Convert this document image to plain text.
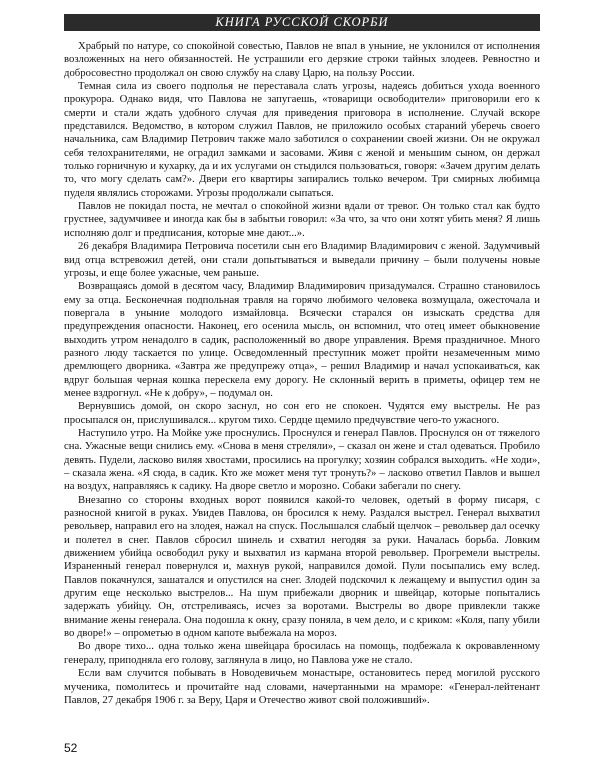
КНИГА РУССКОЙ СКОРБИ

Храбрый по натуре, со спокойной совестью, Павлов не впал в уныние, не уклонился от исполнения возложенных на него обязанностей. Не устрашили его дерзкие строки тайных злодеев. Ревностно и добросовестно продолжал он свою службу на славу Царю, на пользу России.

Темная сила из своего подполья не переставала слать угрозы, надеясь добиться ухода военного прокурора. Однако видя, что Павлова не запугаешь, «товарищи освободители» приговорили его к смерти и стали ждать удобного случая для приведения приговора в исполнение. Случай вскоре представился. Ведомство, в котором служил Павлов, не приложило особых стараний уберечь своего начальника, сам Владимир Петрович также мало заботился о сохранении своей жизни. Он не окружал себя телохранителями, не оградил замками и засовами. Живя с женой и меньшим сыном, он держал только горничную и кухарку, да и их услугами он стыдился пользоваться, говоря: «Зачем другим делать то, что могу сделать сам?». Двери его квартиры запирались только вечером. Три смирных любимца пуделя являлись сторожами. Угрозы продолжали сыпаться.

Павлов не покидал поста, не мечтал о спокойной жизни вдали от тревог. Он только стал как будто грустнее, задумчивее и иногда как бы в забытьи говорил: «За что, за что они хотят убить меня? Я лишь исполняю долг и предписания, которые мне дают...».

26 декабря Владимира Петровича посетили сын его Владимир Владимирович с женой. Задумчивый вид отца встревожил детей, они стали допытываться и выведали причину – были получены новые угрозы, и еще более ужасные, чем раньше.

Возвращаясь домой в десятом часу, Владимир Владимирович призадумался. Страшно становилось ему за отца. Бесконечная подпольная травля на горячо любимого человека возмущала, ожесточала и повергала в уныние молодого измайловца. Всячески старался он изыскать средства для предупреждения опасности. Наконец, его осенила мысль, он вспомнил, что отец имеет обыкновение выходить утром ненадолго в садик, расположенный во дворе управления. Время праздничное. Много разного люду таскается по улице. Осведомленный преступник может пройти незамеченным мимо дремлющего дворника. «Завтра же предупрежу отца», – решил Владимир и начал успокаиваться, как вдруг большая черная кошка перескела ему дорогу. Не склонный верить в приметы, офицер тем не менее вздрогнул. «Не к добру», – подумал он.

Вернувшись домой, он скоро заснул, но сон его не спокоен. Чудятся ему выстрелы. Не раз просыпался он, прислушивался... кругом тихо. Сердце щемило предчувствие чего-то ужасного.

Наступило утро. На Мойке уже проснулись. Проснулся и генерал Павлов. Проснулся он от тяжелого сна. Ужасные вещи снились ему. «Снова в меня стреляли», – сказал он жене и стал одеваться. Пробило девять. Пудели, ласково виляя хвостами, просились на прогулку; хозяин собрался выходить. «Не ходи», – сказала жена. «Я сюда, в садик. Кто же может меня тут тронуть?» – ласково ответил Павлов и вышел на воздух, направляясь к садику. На дворе светло и морозно. Собаки забегали по снегу.

Внезапно со стороны входных ворот появился какой-то человек, одетый в форму писаря, с разносной книгой в руках. Увидев Павлова, он бросился к нему. Раздался выстрел. Генерал выхватил револьвер, направил его на злодея, нажал на спуск. Послышался слабый щелчок – револьвер дал осечку и полетел в снег. Павлов сбросил шинель и схватил негодяя за руки. Началась борьба. Ловким движением убийца освободил руку и выхватил из кармана второй револьвер. Прогремели выстрелы. Израненный генерал повернулся и, махнув рукой, направился домой. Пули посыпались ему вслед. Павлов покачнулся, зашатался и опустился на снег. Злодей подскочил к лежащему и выпустил один за другим еще несколько выстрелов... На шум прибежали дворник и швейцар, которые попытались задержать убийцу. Он, отстреливаясь, исчез за воротами. Выстрелы во дворе привлекли также внимание жены генерала. Она подошла к окну, сразу поняла, в чем дело, и с криком: «Коля, папу убили во дворе!» – опрометью в одном капоте выбежала на мороз.

Во дворе тихо... одна только жена швейцара бросилась на помощь, подбежала к окровавленному генералу, приподняла его голову, заглянула в лицо, но Павлова уже не стало.

Если вам случится побывать в Новодевичьем монастыре, остановитесь перед могилой русского мученика, помолитесь и прочитайте над словами, начертанными на мраморе: «Генерал-лейтенант Павлов, 27 декабря 1906 г. за Веру, Царя и Отечество живот свой положивший».

52
